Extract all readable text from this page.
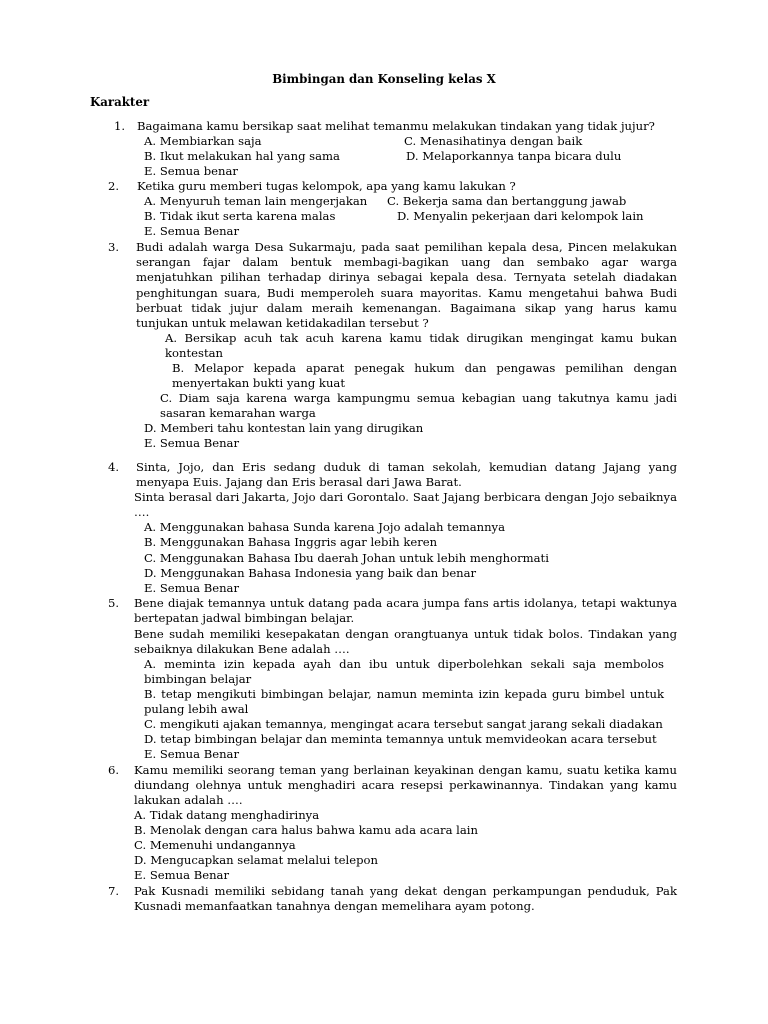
Bimbingan dan Konseling kelas X
Karakter
1. Bagaimana kamu bersikap saat melihat temanmu melakukan tindakan yang tidak jujur?
A. Membiarkan saja	C. Menasihatinya dengan baik
B. Ikut melakukan hal yang sama	D. Melaporkannya tanpa bicara dulu
E. Semua benar
2. Ketika guru memberi tugas kelompok, apa yang kamu lakukan ?
A. Menyuruh teman lain mengerjakan C. Bekerja sama dan bertanggung jawab
B. Tidak ikut serta karena malas	D. Menyalin pekerjaan dari kelompok lain
E. Semua Benar
3. Budi adalah warga Desa Sukarmaju, pada saat pemilihan kepala desa, Pincen melakukan serangan fajar dalam bentuk membagi-bagikan uang dan sembako agar warga menjatuhkan pilihan terhadap dirinya sebagai kepala desa. Ternyata setelah diadakan penghitungan suara, Budi memperoleh suara mayoritas. Kamu mengetahui bahwa Budi berbuat tidak jujur dalam meraih kemenangan. Bagaimana sikap yang harus kamu tunjukan untuk melawan ketidakadilan tersebut ?
A. Bersikap acuh tak acuh karena kamu tidak dirugikan mengingat kamu bukan kontestan
B. Melapor kepada aparat penegak hukum dan pengawas pemilihan dengan menyertakan bukti yang kuat
C. Diam saja karena warga kampungmu semua kebagian uang takutnya kamu jadi sasaran kemarahan warga
D. Memberi tahu kontestan lain yang dirugikan
E. Semua Benar
4. Sinta, Jojo, dan Eris sedang duduk di taman sekolah, kemudian datang Jajang yang menyapa Euis. Jajang dan Eris berasal dari Jawa Barat.
Sinta berasal dari Jakarta, Jojo dari Gorontalo. Saat Jajang berbicara dengan Jojo sebaiknya ….
A. Menggunakan bahasa Sunda karena Jojo adalah temannya
B. Menggunakan Bahasa Inggris agar lebih keren
C. Menggunakan Bahasa Ibu daerah Johan untuk lebih menghormati
D. Menggunakan Bahasa Indonesia yang baik dan benar
E. Semua Benar
5. Bene diajak temannya untuk datang pada acara jumpa fans artis idolanya, tetapi waktunya bertepatan jadwal bimbingan belajar.
Bene sudah memiliki kesepakatan dengan orangtuanya untuk tidak bolos. Tindakan yang sebaiknya dilakukan Bene adalah ….
A. meminta izin kepada ayah dan ibu untuk diperbolehkan sekali saja membolos bimbingan belajar
B. tetap mengikuti bimbingan belajar, namun meminta izin kepada guru bimbel untuk pulang lebih awal
C. mengikuti ajakan temannya, mengingat acara tersebut sangat jarang sekali diadakan
D. tetap bimbingan belajar dan meminta temannya untuk memvideokan acara tersebut
E. Semua Benar
6. Kamu memiliki seorang teman yang berlainan keyakinan dengan kamu, suatu ketika kamu diundang olehnya untuk menghadiri acara resepsi perkawinannya. Tindakan yang kamu lakukan adalah ….
A. Tidak datang menghadirinya
B. Menolak dengan cara halus bahwa kamu ada acara lain
C. Memenuhi undangannya
D. Mengucapkan selamat melalui telepon
E. Semua Benar
7. Pak Kusnadi memiliki sebidang tanah yang dekat dengan perkampungan penduduk, Pak Kusnadi memanfaatkan tanahnya dengan memelihara ayam potong.
